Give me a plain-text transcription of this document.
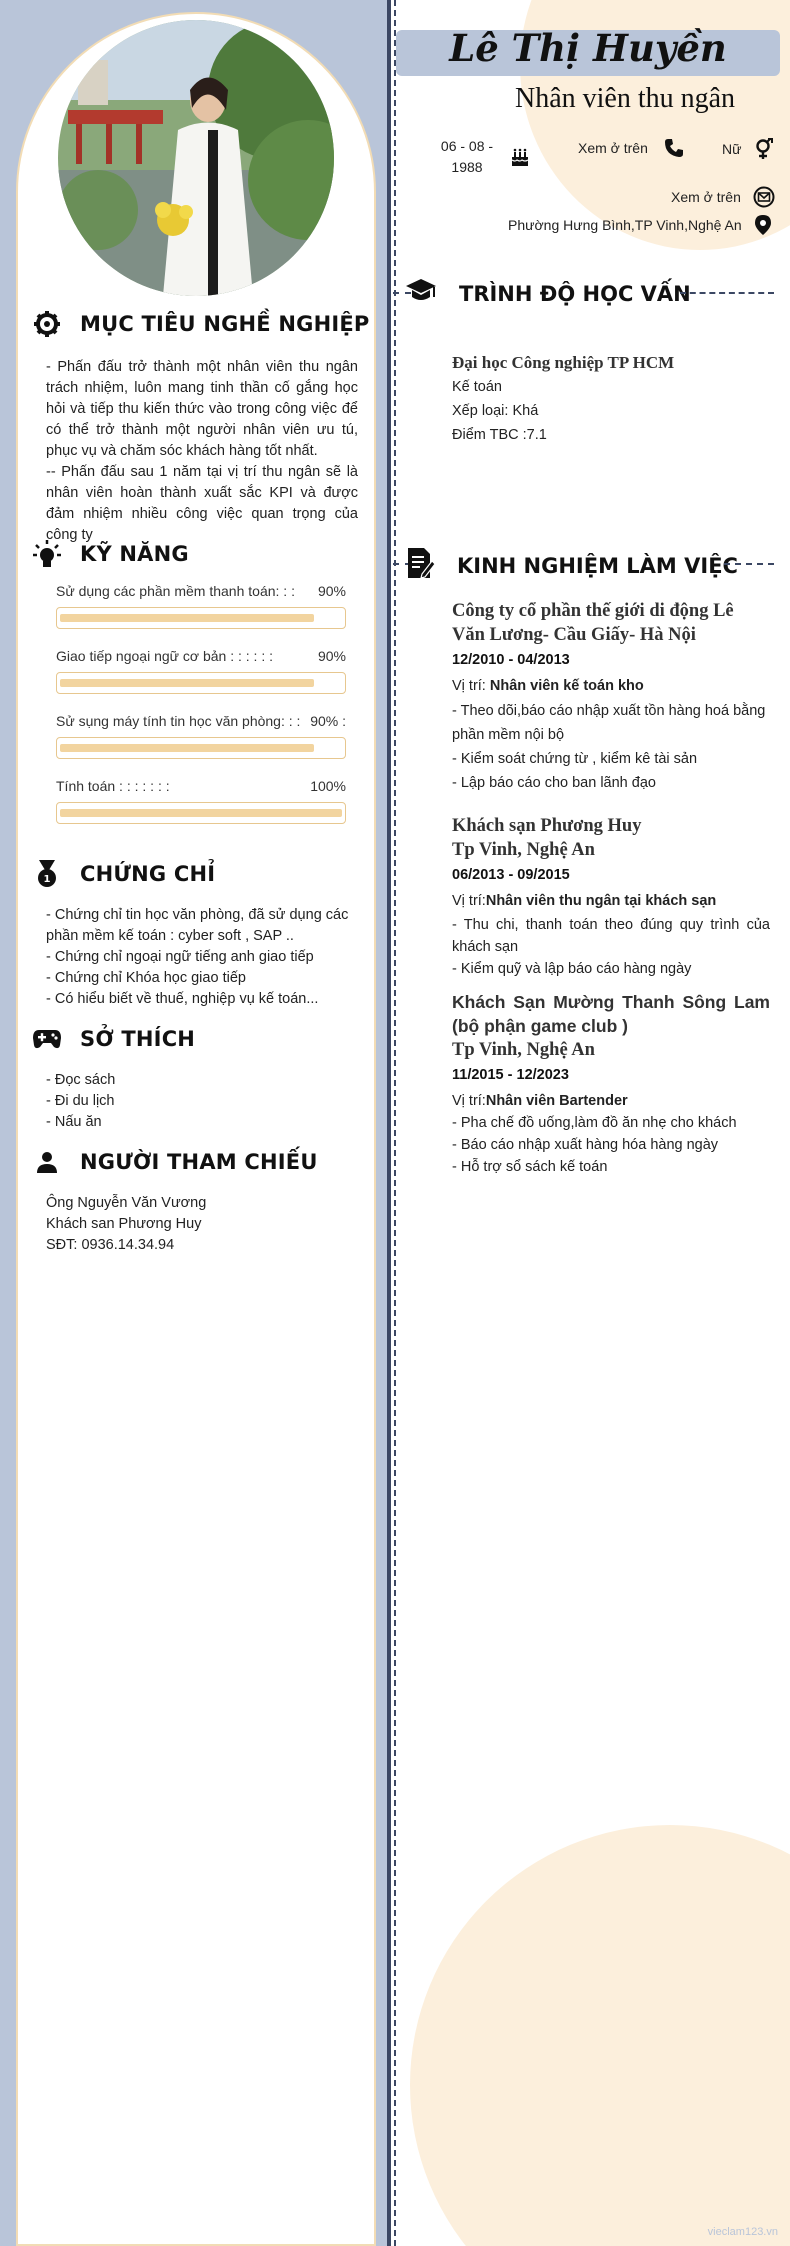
MỤC TIÊU NGHỀ NGHIỆP
- Phấn đấu trở thành một nhân viên thu ngân trách nhiệm, luôn mang tinh thần cố gắng học hỏi và tiếp thu kiến thức vào trong công việc để có thể trở thành một người nhân viên ưu tú, phục vụ và chăm sóc khách hàng tốt nhất.
-- Phấn đấu sau 1 năm tại vị trí thu ngân sẽ là nhân viên hoàn thành xuất sắc KPI và được đảm nhiệm nhiều công việc quan trọng của công ty
KỸ NĂNG
Sử dụng các phần mềm thanh toán: : : 90%
Giao tiếp ngoại ngữ cơ bản : : : : : :	90%
Sử sụng máy tính tin học văn phòng: : : 90% :
Tính toán : : : : : : :	100%
1 CHỨNG CHỈ
- Chứng chỉ tin học văn phòng, đã sử dụng các phần mềm kế toán : cyber soft , SAP ..
- Chứng chỉ ngoại ngữ tiếng anh giao tiếp
- Chứng chỉ Khóa học giao tiếp
- Có hiểu biết về thuế, nghiệp vụ kế toán...
SỞ THÍCH
- Đọc sách
- Đi du lịch
- Nấu ăn
NGƯỜI THAM CHIẾU
Ông Nguyễn Văn Vương
Khách san Phương Huy
SĐT: 0936.14.34.94
Lê Thị Huyền
Nhân viên thu ngân
06 - 08 - 1988
Xem ở trên	Nữ
Xem ở trên
Phường Hưng Bình,TP Vinh,Nghệ An
TRÌNH ĐỘ HỌC VẤN
Đại học Công nghiệp TP HCM
Kế toán
Xếp loại: Khá
Điểm TBC :7.1
KINH NGHIỆM LÀM VIỆC
Công ty cổ phần thế giới di động Lê Văn Lương- Cầu Giấy- Hà Nội
12/2010 - 04/2013
Vị trí: Nhân viên kế toán kho
- Theo dõi,báo cáo nhập xuất tồn hàng hoá bằng phần mềm nội bộ
- Kiểm soát chứng từ , kiểm kê tài sản
- Lập báo cáo cho ban lãnh đạo
Khách sạn Phương Huy
Tp Vinh, Nghệ An
06/2013 - 09/2015
Vị trí:Nhân viên thu ngân tại khách sạn
- Thu chi, thanh toán theo đúng quy trình của khách sạn
- Kiểm quỹ và lập báo cáo hàng ngày
Khách Sạn Mường Thanh Sông Lam (bộ phận game club )
Tp Vinh, Nghệ An
11/2015 - 12/2023
Vị trí:Nhân viên Bartender
- Pha chế đồ uống,làm đồ ăn nhẹ cho khách
- Báo cáo nhập xuất hàng hóa hàng ngày
- Hỗ trợ sổ sách kế toán
vieclam123.vn
